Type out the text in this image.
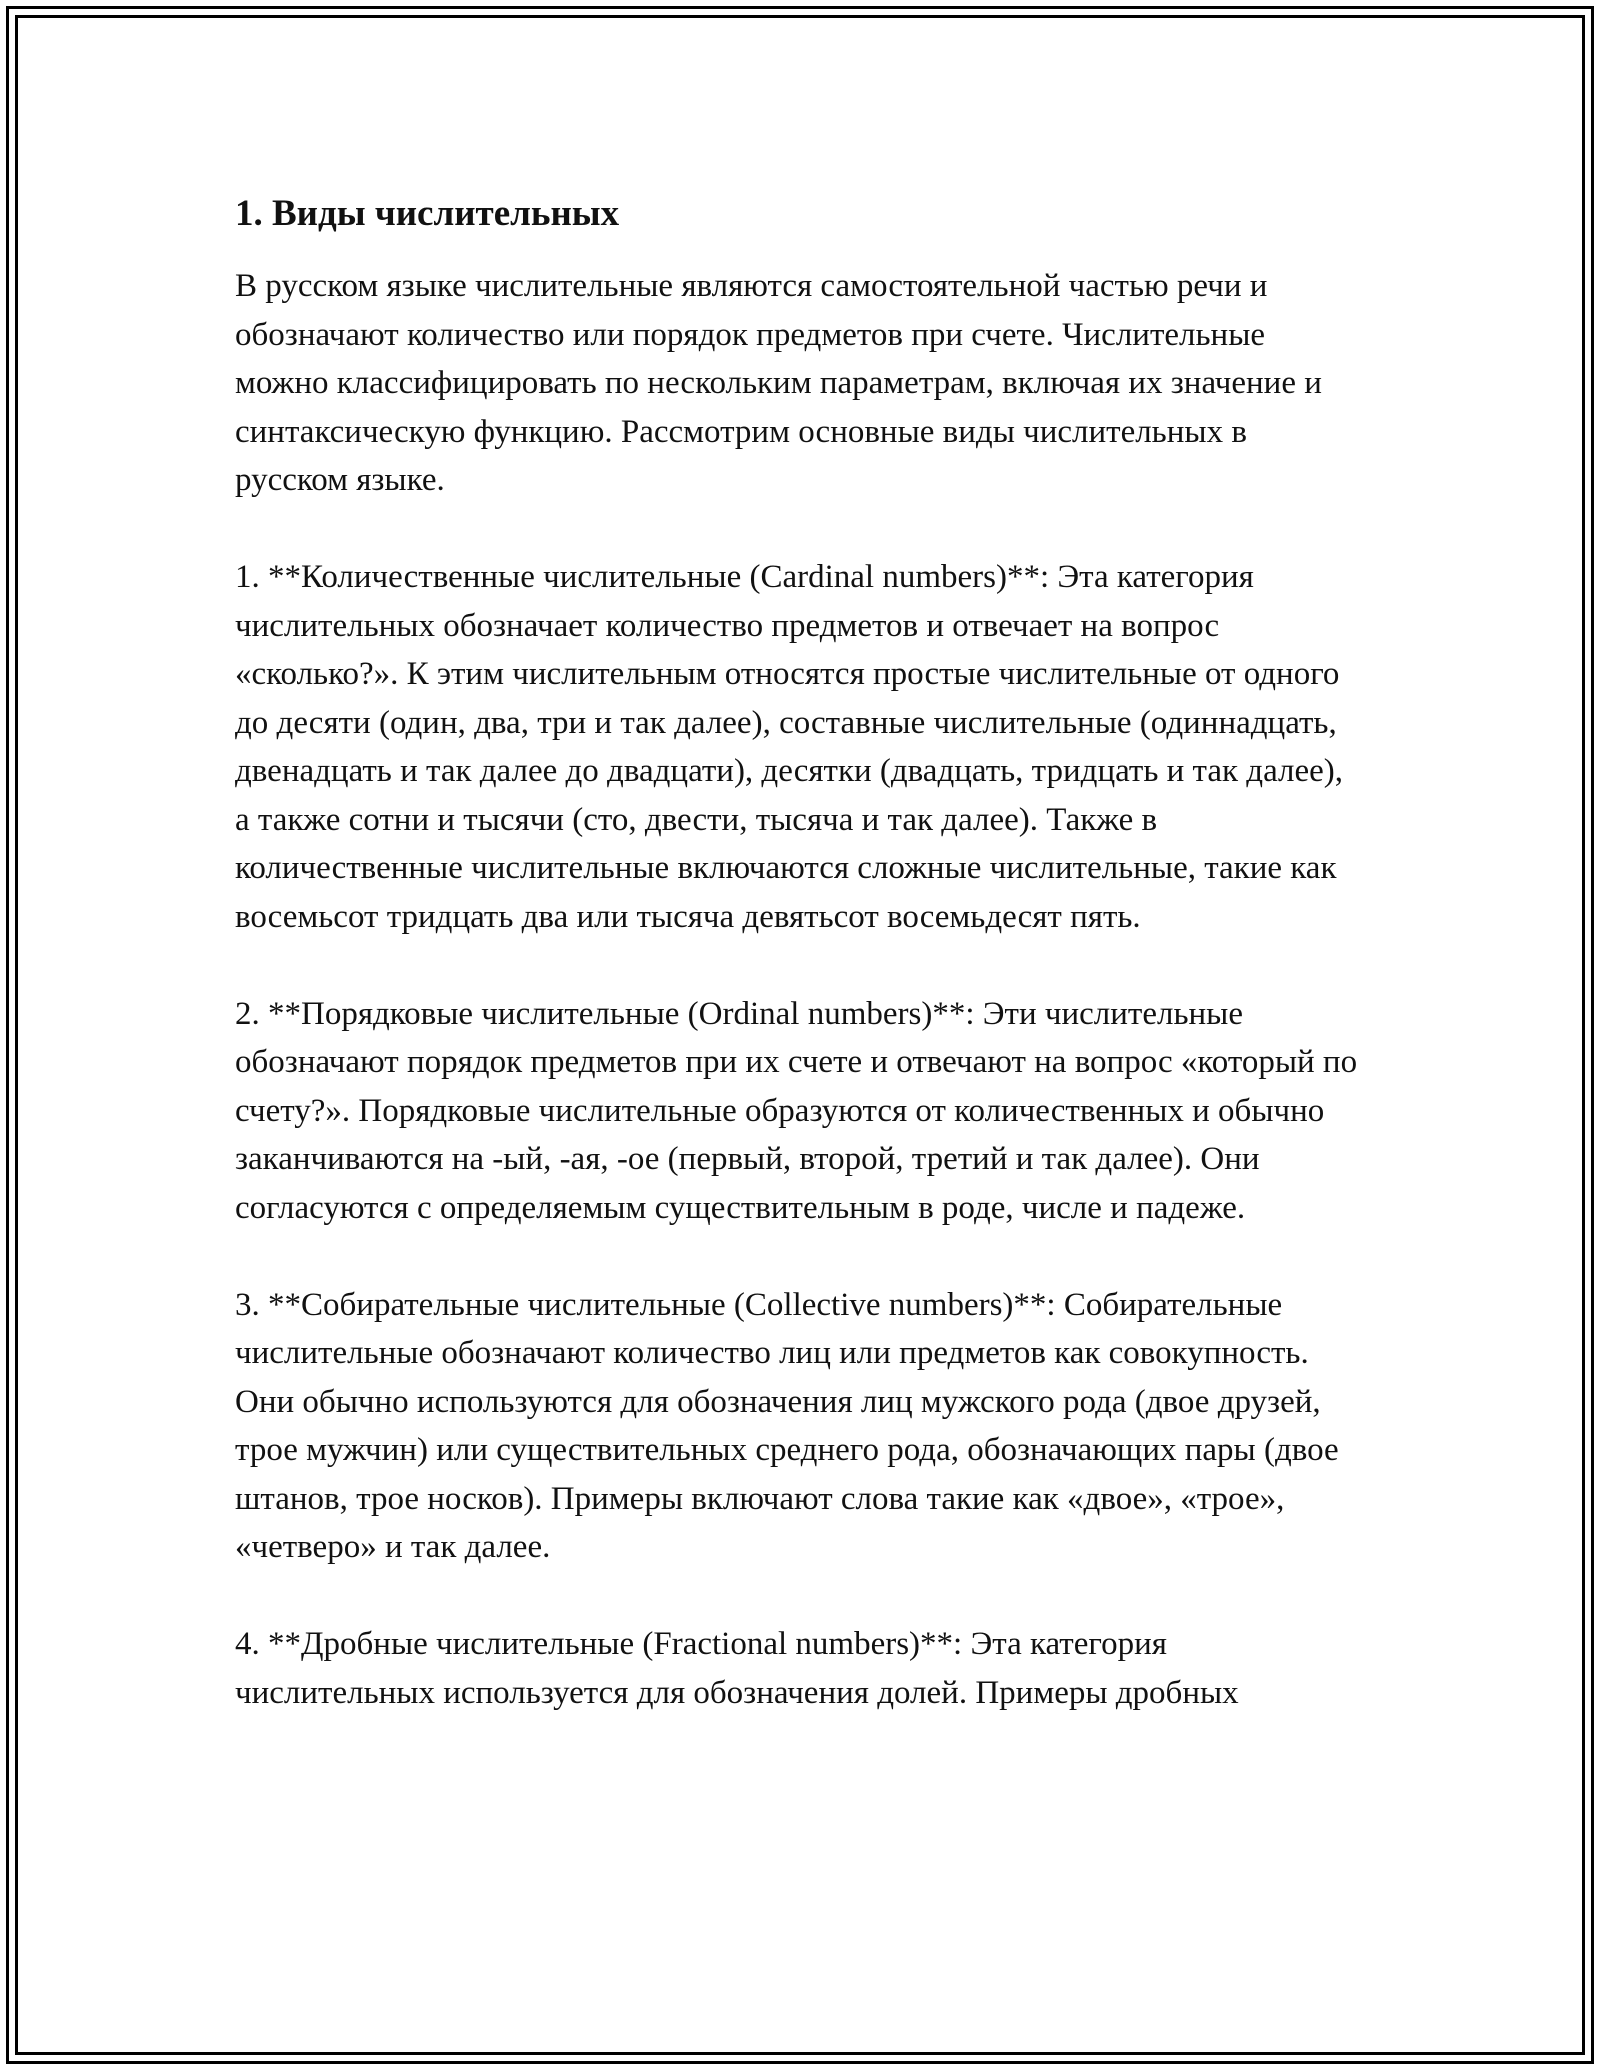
1. Виды числительных

В русском языке числительные являются самостоятельной частью речи и обозначают количество или порядок предметов при счете. Числительные можно классифицировать по нескольким параметрам, включая их значение и синтаксическую функцию. Рассмотрим основные виды числительных в русском языке.

1. **Количественные числительные (Cardinal numbers)**: Эта категория числительных обозначает количество предметов и отвечает на вопрос «сколько?». К этим числительным относятся простые числительные от одного до десяти (один, два, три и так далее), составные числительные (одиннадцать, двенадцать и так далее до двадцати), десятки (двадцать, тридцать и так далее), а также сотни и тысячи (сто, двести, тысяча и так далее). Также в количественные числительные включаются сложные числительные, такие как восемьсот тридцать два или тысяча девятьсот восемьдесят пять.

2. **Порядковые числительные (Ordinal numbers)**: Эти числительные обозначают порядок предметов при их счете и отвечают на вопрос «который по счету?». Порядковые числительные образуются от количественных и обычно заканчиваются на -ый, -ая, -ое (первый, второй, третий и так далее). Они согласуются с определяемым существительным в роде, числе и падеже.

3. **Собирательные числительные (Collective numbers)**: Собирательные числительные обозначают количество лиц или предметов как совокупность. Они обычно используются для обозначения лиц мужского рода (двое друзей, трое мужчин) или существительных среднего рода, обозначающих пары (двое штанов, трое носков). Примеры включают слова такие как «двое», «трое», «четверо» и так далее.

4. **Дробные числительные (Fractional numbers)**: Эта категория числительных используется для обозначения долей. Примеры дробных
